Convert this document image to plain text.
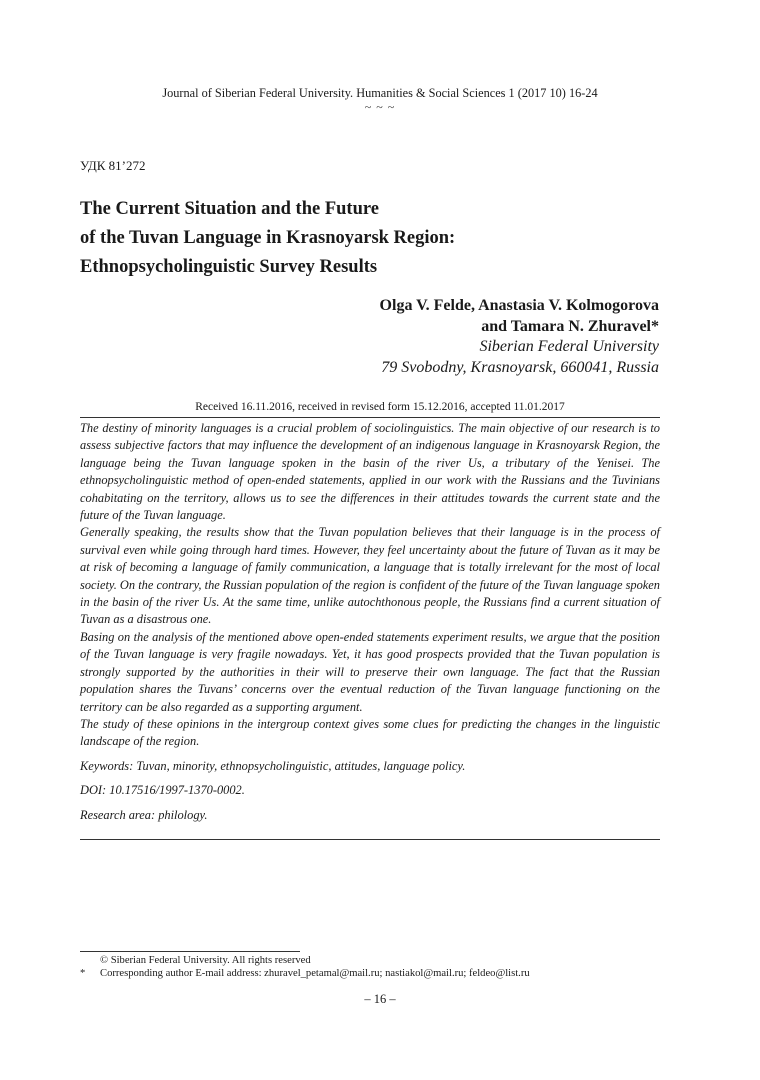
Journal of Siberian Federal University. Humanities & Social Sciences 1 (2017 10) 16-24
~ ~ ~
УДК 81’272
The Current Situation and the Future
of the Tuvan Language in Krasnoyarsk Region:
Ethnopsycholinguistic Survey Results
Olga V. Felde, Anastasia V. Kolmogorova
and Tamara N. Zhuravel*
Siberian Federal University
79 Svobodny, Krasnoyarsk, 660041, Russia
Received 16.11.2016, received in revised form 15.12.2016, accepted 11.01.2017

The destiny of minority languages is a crucial problem of sociolinguistics. The main objective of our research is to assess subjective factors that may influence the development of an indigenous language in Krasnoyarsk Region, the language being the Tuvan language spoken in the basin of the river Us, a tributary of the Yenisei. The ethnopsycholinguistic method of open-ended statements, applied in our work with the Russians and the Tuvinians cohabitating on the territory, allows us to see the differences in their attitudes towards the current state and the future of the Tuvan language.

Generally speaking, the results show that the Tuvan population believes that their language is in the process of survival even while going through hard times. However, they feel uncertainty about the future of Tuvan as it may be at risk of becoming a language of family communication, a language that is totally irrelevant for the most of local society. On the contrary, the Russian population of the region is confident of the future of the Tuvan language spoken in the basin of the river Us. At the same time, unlike autochthonous people, the Russians find a current situation of Tuvan as a disastrous one.

Basing on the analysis of the mentioned above open-ended statements experiment results, we argue that the position of the Tuvan language is very fragile nowadays. Yet, it has good prospects provided that the Tuvan population is strongly supported by the authorities in their will to preserve their own language. The fact that the Russian population shares the Tuvans’ concerns over the eventual reduction of the Tuvan language functioning on the territory can be also regarded as a supporting argument.

The study of these opinions in the intergroup context gives some clues for predicting the changes in the linguistic landscape of the region.

Keywords: Tuvan, minority, ethnopsycholinguistic, attitudes, language policy.

DOI: 10.17516/1997-1370-0002.

Research area: philology.

© Siberian Federal University. All rights reserved
* Corresponding author E-mail address: zhuravel_petamal@mail.ru; nastiakol@mail.ru; feldeo@list.ru
– 16 –
